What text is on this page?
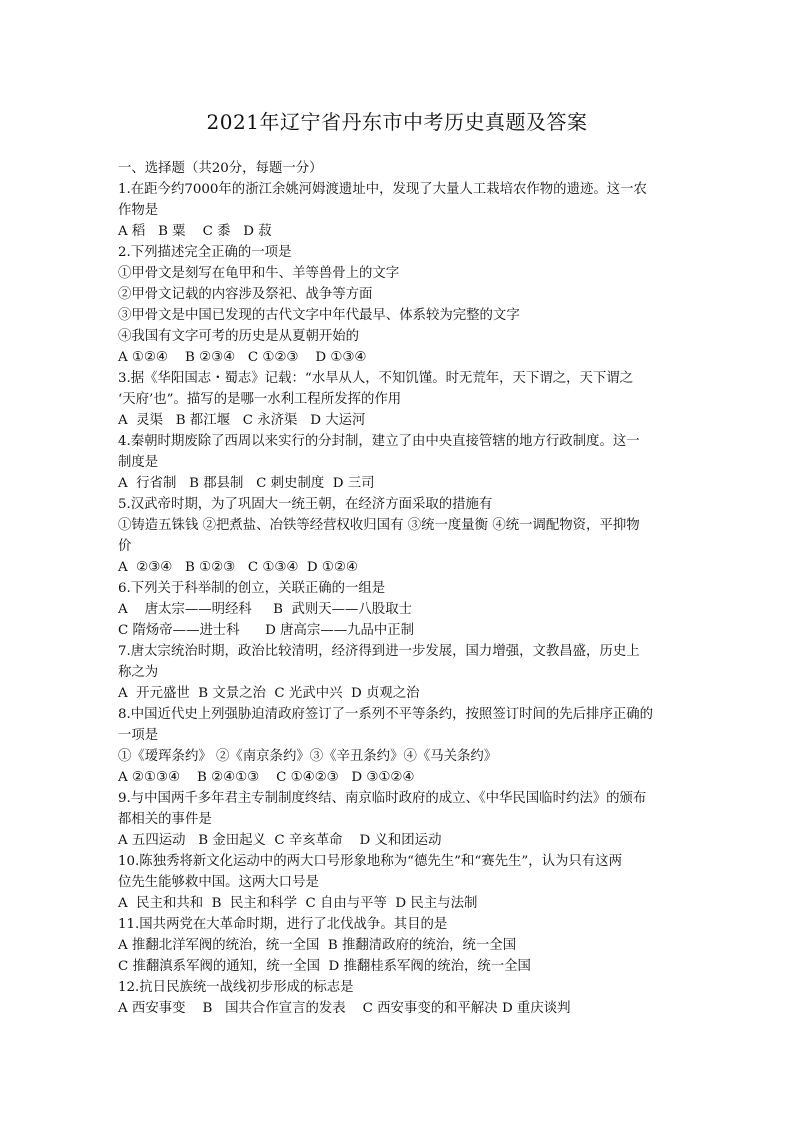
2021年辽宁省丹东市中考历史真题及答案
一、选择题（共20分，每题一分）
1.在距今约7000年的浙江余姚河姆渡遗址中，发现了大量人工栽培农作物的遗迹。这一农
作物是
A 稻   B 粟    C 黍   D 菽
2.下列描述完全正确的一项是
①甲骨文是刻写在龟甲和牛、羊等兽骨上的文字
②甲骨文记载的内容涉及祭祀、战争等方面
③甲骨文是中国已发现的古代文字中年代最早、体系较为完整的文字
④我国有文字可考的历史是从夏朝开始的
A ①②④    B ②③④   C ①②③    D ①③④
3.据《华阳国志・蜀志》记载：“水旱从人，不知饥馑。时无荒年，天下谓之，天下谓之
‘天府’也”。描写的是哪一水利工程所发挥的作用
A  灵渠   B 都江堰   C 永济渠   D 大运河
4.秦朝时期废除了西周以来实行的分封制，建立了由中央直接管辖的地方行政制度。这一
制度是
A  行省制   B 郡县制   C 刺史制度  D 三司
5.汉武帝时期，为了巩固大一统王朝，在经济方面采取的措施有
①铸造五铢钱 ②把煮盐、冶铁等经营权收归国有 ③统一度量衡 ④统一调配物资，平抑物
价
A  ②③④   B ①②③   C ①③④  D ①②④
6.下列关于科举制的创立，关联正确的一组是
A    唐太宗——明经科     B  武则天——八股取士
C 隋炀帝——进士科      D 唐高宗——九品中正制
7.唐太宗统治时期，政治比较清明，经济得到进一步发展，国力增强，文教昌盛，历史上
称之为
A  开元盛世  B 文景之治  C 光武中兴  D 贞观之治
8.中国近代史上列强胁迫清政府签订了一系列不平等条约，按照签订时间的先后排序正确的
一项是
①《瑷珲条约》 ②《南京条约》③《辛丑条约》④《马关条约》
A ②①③④    B ②④①③    C ①④②③   D ③①②④
9.与中国两千多年君主专制制度终结、南京临时政府的成立、《中华民国临时约法》的颁布
都相关的事件是
A 五四运动   B 金田起义  C 辛亥革命    D 义和团运动
10.陈独秀将新文化运动中的两大口号形象地称为“德先生”和“赛先生”，认为只有这两
位先生能够救中国。这两大口号是
A  民主和共和  B  民主和科学  C 自由与平等  D 民主与法制
11.国共两党在大革命时期，进行了北伐战争。其目的是
A 推翻北洋军阀的统治，统一全国  B 推翻清政府的统治，统一全国
C 推翻滇系军阀的通知，统一全国  D 推翻桂系军阀的统治，统一全国
12.抗日民族统一战线初步形成的标志是
A 西安事变    B   国共合作宣言的发表    C 西安事变的和平解决 D 重庆谈判
